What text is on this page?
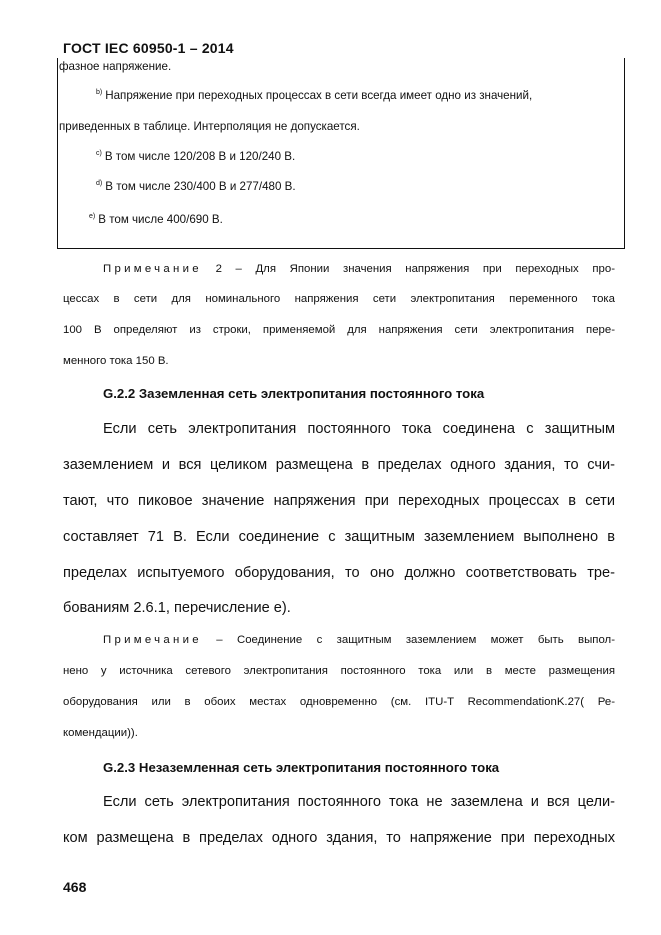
ГОСТ IEC 60950-1 – 2014
фазное напряжение.
$^{b)}$ Напряжение при переходных процессах в сети всегда имеет одно из значений,
приведенных в таблице. Интерполяция не допускается.
$^{c)}$ В том числе 120/208 В и 120/240 В.
$^{d)}$ В том числе 230/400 В и 277/480 В.
$^{e)}$ В том числе 400/690 В.
Примечание 2 – Для Японии значения напряжения при переходных про-
цессах в сети для номинального напряжения сети электропитания переменного тока
100 В определяют из строки, применяемой для напряжения сети электропитания пере-
менного тока 150 В.
G.2.2 Заземленная сеть электропитания постоянного тока
Если сеть электропитания постоянного тока соединена с защитным
заземлением и вся целиком размещена в пределах одного здания, то счи-
тают, что пиковое значение напряжения при переходных процессах в сети
составляет 71 В. Если соединение с защитным заземлением выполнено в
пределах испытуемого оборудования, то оно должно соответствовать тре-
бованиям 2.6.1, перечисление е).
Примечание – Соединение с защитным заземлением может быть выпол-
нено у источника сетевого электропитания постоянного тока или в месте размещения
оборудования или в обоих местах одновременно (см. ITU-T RecommendationK.27( Ре-
комендации)).
G.2.3 Незаземленная сеть электропитания постоянного тока
Если сеть электропитания постоянного тока не заземлена и вся цели-
ком размещена в пределах одного здания, то напряжение при переходных
468
